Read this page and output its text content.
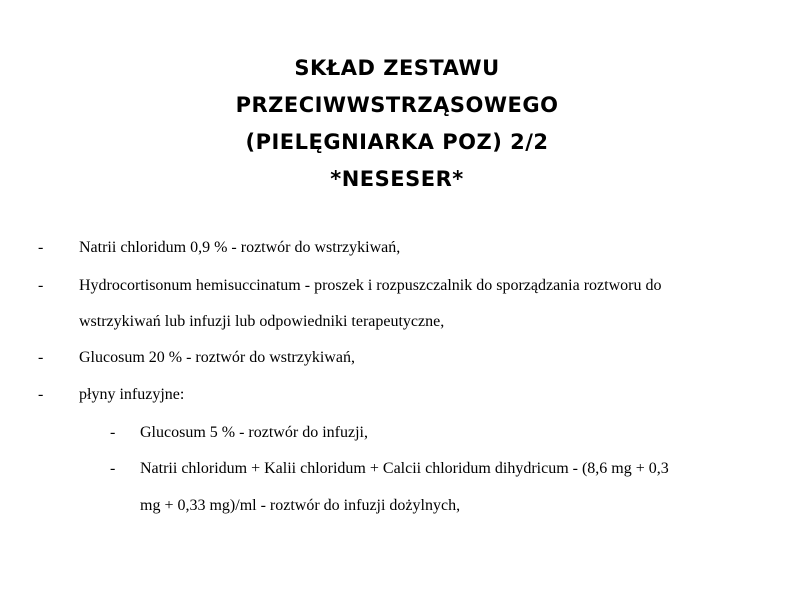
SKŁAD ZESTAWU
PRZECIWWSTRZĄSOWEGO
(PIELĘGNIARKA POZ) 2/2
*NESESER*
- Natrii chloridum 0,9 % - roztwór do wstrzykiwań,
- Hydrocortisonum hemisuccinatum - proszek i rozpuszczalnik do sporządzania roztworu do
wstrzykiwań lub infuzji lub odpowiedniki terapeutyczne,
- Glucosum 20 % - roztwór do wstrzykiwań,
- płyny infuzyjne:
- Glucosum 5 % - roztwór do infuzji,
- Natrii chloridum + Kalii chloridum + Calcii chloridum dihydricum - (8,6 mg + 0,3
mg + 0,33 mg)/ml - roztwór do infuzji dożylnych,
